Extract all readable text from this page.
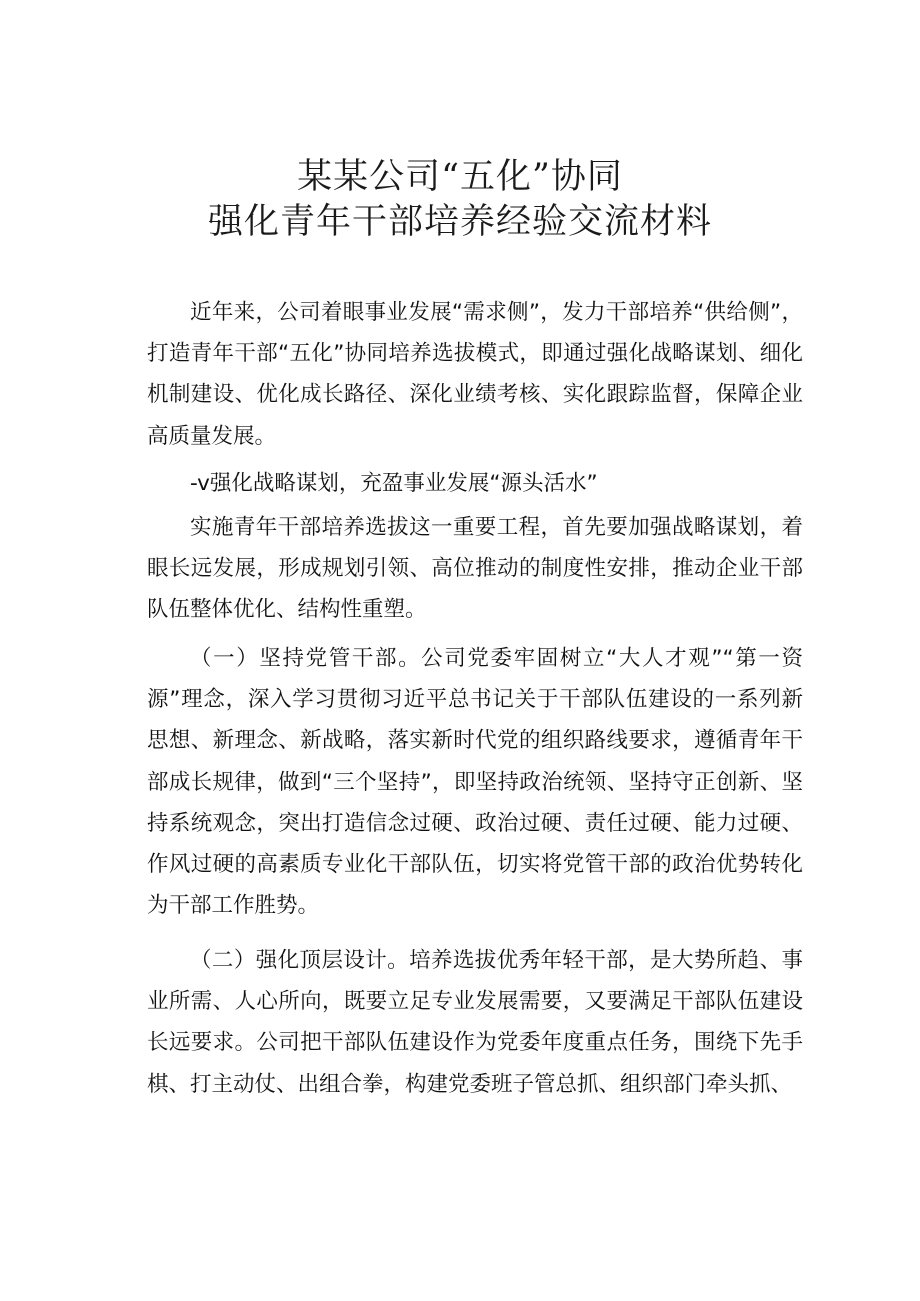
某某公司“五化”协同
强化青年干部培养经验交流材料

近年来，公司着眼事业发展“需求侧”，发力干部培养“供给侧”，打造青年干部“五化”协同培养选拔模式，即通过强化战略谋划、细化机制建设、优化成长路径、深化业绩考核、实化跟踪监督，保障企业高质量发展。

-v强化战略谋划，充盈事业发展“源头活水”

实施青年干部培养选拔这一重要工程，首先要加强战略谋划，着眼长远发展，形成规划引领、高位推动的制度性安排，推动企业干部队伍整体优化、结构性重塑。

（一）坚持党管干部。公司党委牢固树立“大人才观”“第一资源”理念，深入学习贯彻习近平总书记关于干部队伍建设的一系列新思想、新理念、新战略，落实新时代党的组织路线要求，遵循青年干部成长规律，做到“三个坚持”，即坚持政治统领、坚持守正创新、坚持系统观念，突出打造信念过硬、政治过硬、责任过硬、能力过硬、作风过硬的高素质专业化干部队伍，切实将党管干部的政治优势转化为干部工作胜势。

（二）强化顶层设计。培养选拔优秀年轻干部，是大势所趋、事业所需、人心所向，既要立足专业发展需要，又要满足干部队伍建设长远要求。公司把干部队伍建设作为党委年度重点任务，围绕下先手棋、打主动仗、出组合拳，构建党委班子管总抓、组织部门牵头抓、
